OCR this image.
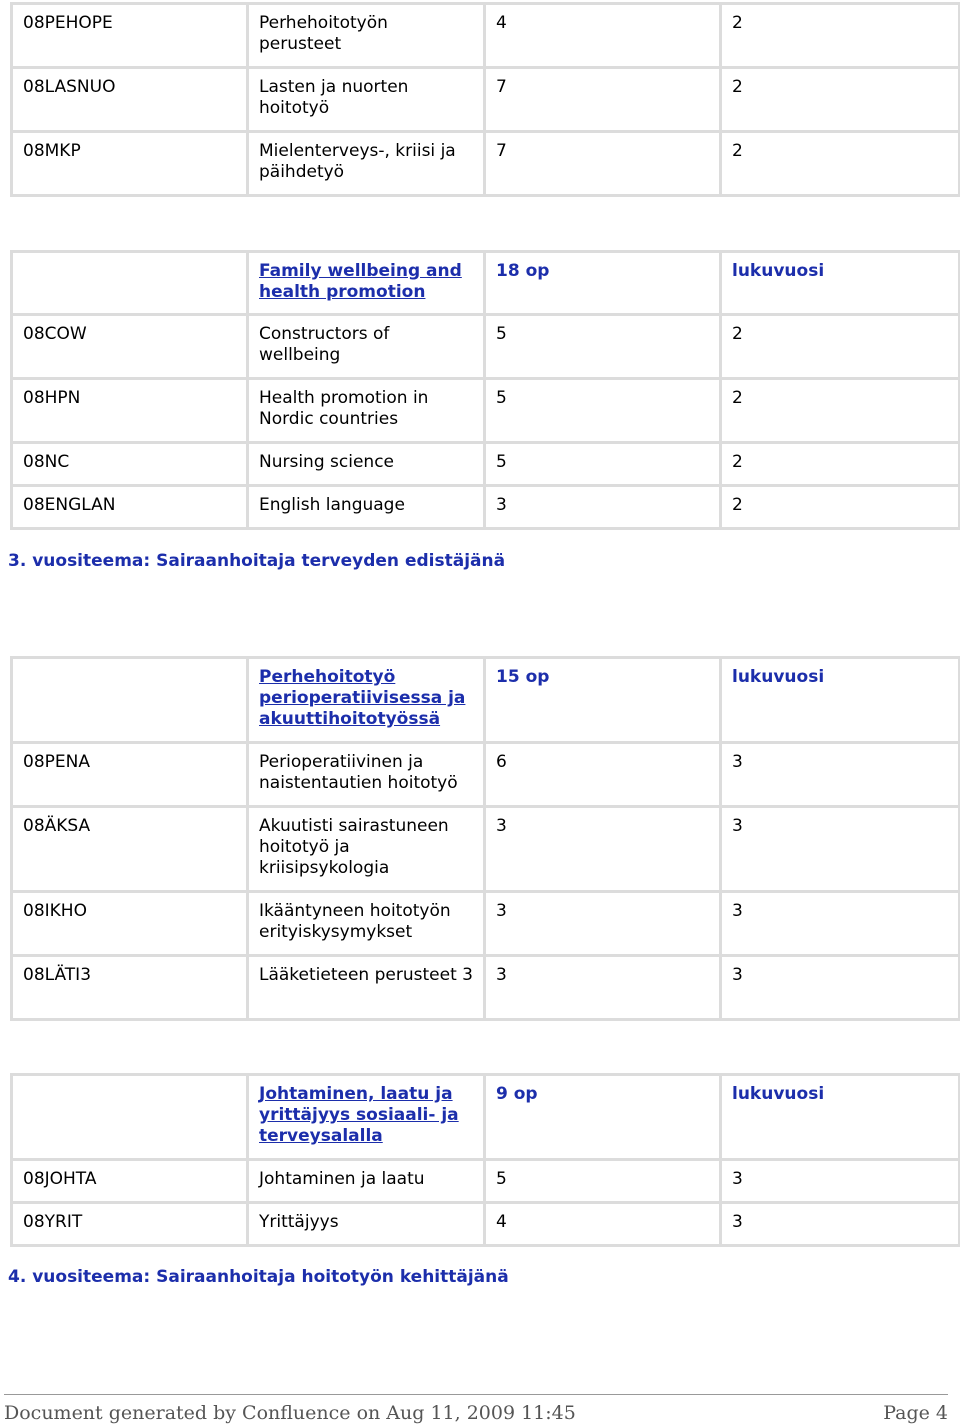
08PEHOPE	Perhehoitotyön perusteet	4	2
08LASNUO	Lasten ja nuorten hoitotyö	7	2
08MKP	Mielenterveys-, kriisi ja päihdetyö	7	2
	Family wellbeing and health promotion	18 op	lukuvuosi
08COW	Constructors of wellbeing	5	2
08HPN	Health promotion in Nordic countries	5	2
08NC	Nursing science	5	2
08ENGLAN	English language	3	2
3. vuositeema: Sairaanhoitaja terveyden edistäjänä
	Perhehoitotyö perioperatiivisessa ja akuuttihoitotyössä	15 op	lukuvuosi
08PENA	Perioperatiivinen ja naistentautien hoitotyö	6	3
08ÄKSA	Akuutisti sairastuneen hoitotyö ja kriisipsykologia	3	3
08IKHO	Ikääntyneen hoitotyön erityiskysymykset	3	3
08LÄTI3	Lääketieteen perusteet 3	3	3
	Johtaminen, laatu ja yrittäjyys sosiaali- ja terveysalalla	9 op	lukuvuosi
08JOHTA	Johtaminen ja laatu	5	3
08YRIT	Yrittäjyys	4	3
4. vuositeema: Sairaanhoitaja hoitotyön kehittäjänä
Document generated by Confluence on Aug 11, 2009 11:45	Page 4
